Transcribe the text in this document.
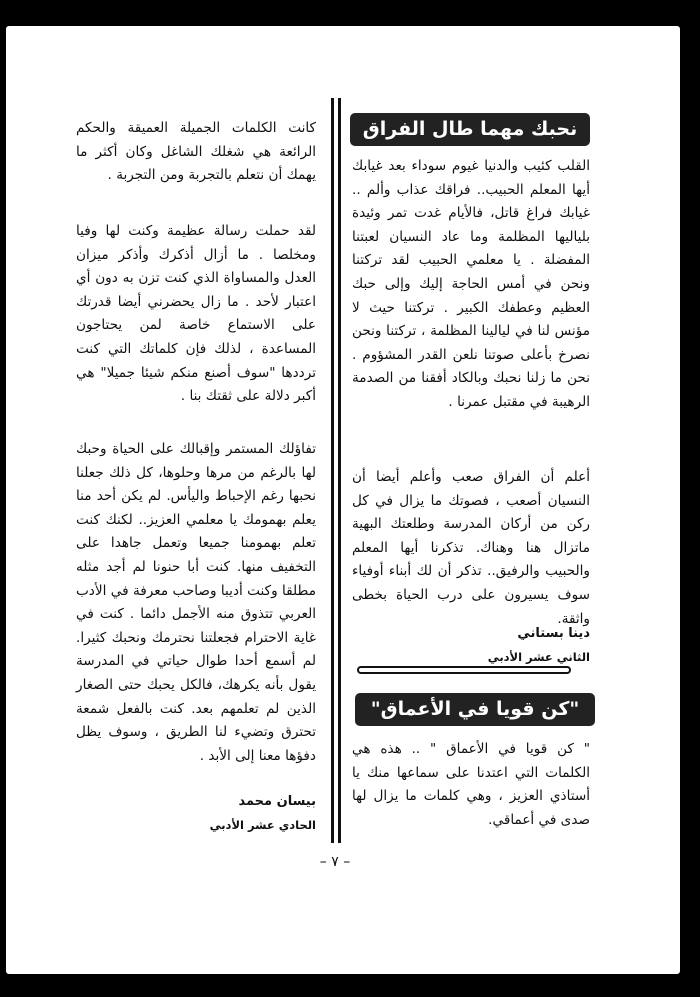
نحبك مهما طال الفراق

القلب كئيب والدنيا غيوم سوداء بعد غيابك أيها المعلم الحبيب.. فراقك عذاب وألم .. غيابك فراغ قاتل، فالأيام غدت تمر وئيدة بلياليها المظلمة وما عاد النسيان لعبتنا المفضلة . يا معلمي الحبيب لقد تركتنا ونحن في أمس الحاجة إليك وإلى حبك العظيم وعطفك الكبير . تركتنا حيث لا مؤنس لنا في ليالينا المظلمة ، تركتنا ونحن نصرخ بأعلى صوتنا نلعن القدر المشؤوم . نحن ما زلنا نحبك وبالكاد أفقنا من الصدمة الرهيبة في مقتبل عمرنا .

أعلم أن الفراق صعب وأعلم أيضا أن النسيان أصعب ، فصوتك ما يزال في كل ركن من أركان المدرسة وطلعتك البهية ماتزال هنا وهناك. تذكرنا أيها المعلم والحبيب والرفيق.. تذكر أن لك أبناء أوفياء سوف يسيرون على درب الحياة بخطى واثقة.

دينا بستاني
الثاني عشر الأدبي
"كن قويا في الأعماق"

" كن قويا في الأعماق " .. هذه هي الكلمات التي اعتدنا على سماعها منك يا أستاذي العزيز ، وهي كلمات ما يزال لها صدى في أعماقي.

كانت الكلمات الجميلة العميقة والحكم الرائعة هي شغلك الشاغل وكان أكثر ما يهمك أن نتعلم بالتجربة ومن التجربة .

لقد حملت رسالة عظيمة وكنت لها وفيا ومخلصا . ما أزال أذكرك وأذكر ميزان العدل والمساواة الذي كنت تزن به دون أي اعتبار لأحد . ما زال يحضرني أيضا قدرتك على الاستماع خاصة لمن يحتاجون المساعدة ، لذلك فإن كلماتك التي كنت ترددها "سوف أصنع منكم شيئا جميلا" هي أكبر دلالة على ثقتك بنا .

تفاؤلك المستمر وإقبالك على الحياة وحبك لها بالرغم من مرها وحلوها، كل ذلك جعلنا نحبها رغم الإحباط واليأس. لم يكن أحد منا يعلم بهمومك يا معلمي العزيز.. لكنك كنت تعلم بهمومنا جميعا وتعمل جاهدا على التخفيف منها. كنت أبا حنونا لم أجد مثله مطلقا وكنت أديبا وصاحب معرفة في الأدب العربي تتذوق منه الأجمل دائما . كنت في غاية الاحترام فجعلتنا نحترمك ونحبك كثيرا. لم أسمع أحدا طوال حياتي في المدرسة يقول بأنه يكرهك، فالكل يحبك حتى الصغار الذين لم تعلمهم بعد. كنت بالفعل شمعة تحترق وتضيء لنا الطريق ، وسوف يظل دفؤها معنا إلى الأبد .

بيسان محمد
الحادي عشر الأدبي
– ٧ –
